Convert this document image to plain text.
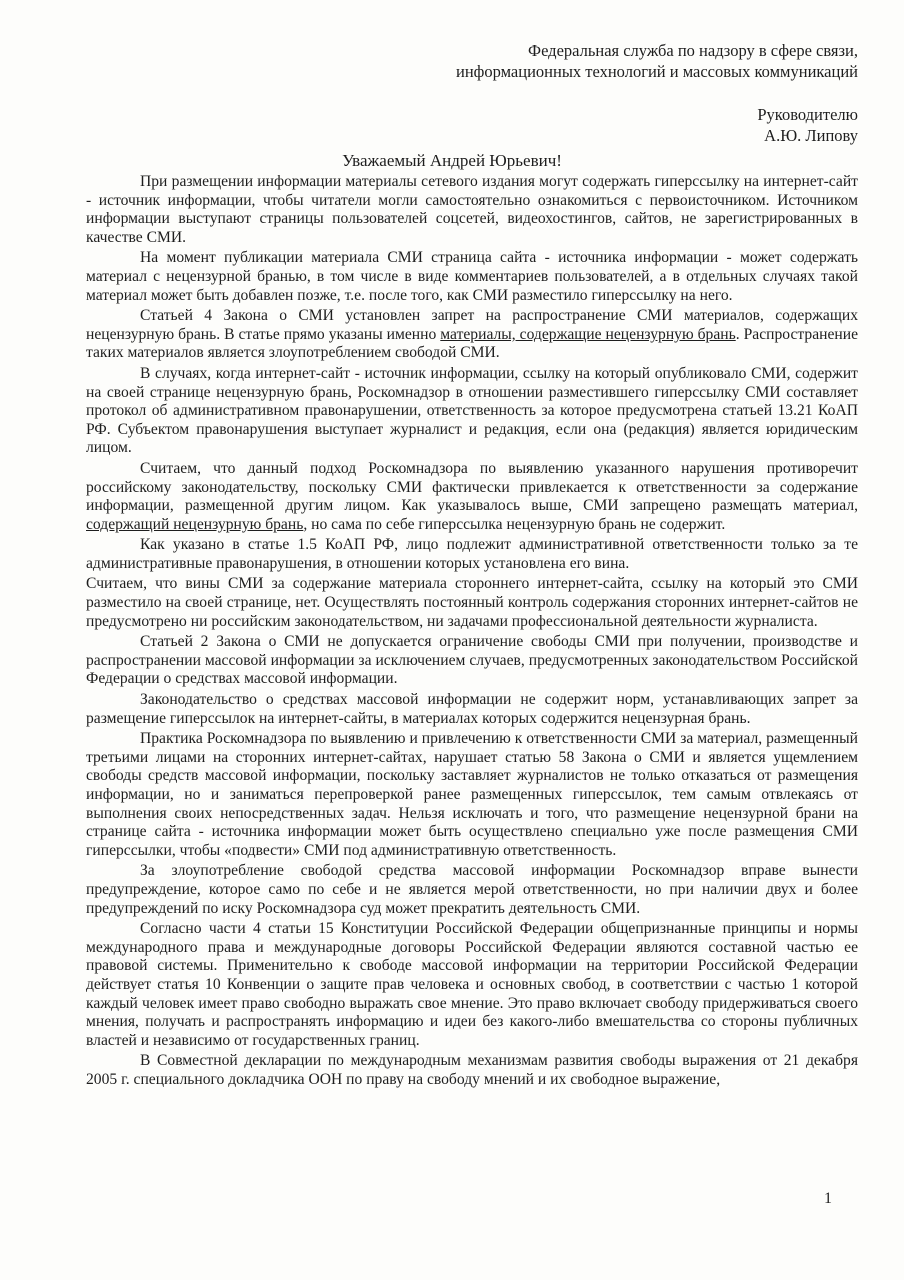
Федеральная служба по надзору в сфере связи,
информационных технологий и массовых коммуникаций
Руководителю
А.Ю. Липову
Уважаемый Андрей Юрьевич!

При размещении информации материалы сетевого издания могут содержать гиперссылку на интернет-сайт - источник информации, чтобы читатели могли самостоятельно ознакомиться с первоисточником. Источником информации выступают страницы пользователей соцсетей, видеохостингов, сайтов, не зарегистрированных в качестве СМИ.

На момент публикации материала СМИ страница сайта - источника информации - может содержать материал с нецензурной бранью, в том числе в виде комментариев пользователей, а в отдельных случаях такой материал может быть добавлен позже, т.е. после того, как СМИ разместило гиперссылку на него.

Статьей 4 Закона о СМИ установлен запрет на распространение СМИ материалов, содержащих нецензурную брань. В статье прямо указаны именно материалы, содержащие нецензурную брань. Распространение таких материалов является злоупотреблением свободой СМИ.

В случаях, когда интернет-сайт - источник информации, ссылку на который опубликовало СМИ, содержит на своей странице нецензурную брань, Роскомнадзор в отношении разместившего гиперссылку СМИ составляет протокол об административном правонарушении, ответственность за которое предусмотрена статьей 13.21 КоАП РФ. Субъектом правонарушения выступает журналист и редакция, если она (редакция) является юридическим лицом.

Считаем, что данный подход Роскомнадзора по выявлению указанного нарушения противоречит российскому законодательству, поскольку СМИ фактически привлекается к ответственности за содержание информации, размещенной другим лицом. Как указывалось выше, СМИ запрещено размещать материал, содержащий нецензурную брань, но сама по себе гиперссылка нецензурную брань не содержит.

Как указано в статье 1.5 КоАП РФ, лицо подлежит административной ответственности только за те административные правонарушения, в отношении которых установлена его вина.

Считаем, что вины СМИ за содержание материала стороннего интернет-сайта, ссылку на который это СМИ разместило на своей странице, нет. Осуществлять постоянный контроль содержания сторонних интернет-сайтов не предусмотрено ни российским законодательством, ни задачами профессиональной деятельности журналиста.

Статьей 2 Закона о СМИ не допускается ограничение свободы СМИ при получении, производстве и распространении массовой информации за исключением случаев, предусмотренных законодательством Российской Федерации о средствах массовой информации.

Законодательство о средствах массовой информации не содержит норм, устанавливающих запрет за размещение гиперссылок на интернет-сайты, в материалах которых содержится нецензурная брань.

Практика Роскомнадзора по выявлению и привлечению к ответственности СМИ за материал, размещенный третьими лицами на сторонних интернет-сайтах, нарушает статью 58 Закона о СМИ и является ущемлением свободы средств массовой информации, поскольку заставляет журналистов не только отказаться от размещения информации, но и заниматься перепроверкой ранее размещенных гиперссылок, тем самым отвлекаясь от выполнения своих непосредственных задач. Нельзя исключать и того, что размещение нецензурной брани на странице сайта - источника информации может быть осуществлено специально уже после размещения СМИ гиперссылки, чтобы «подвести» СМИ под административную ответственность.

За злоупотребление свободой средства массовой информации Роскомнадзор вправе вынести предупреждение, которое само по себе и не является мерой ответственности, но при наличии двух и более предупреждений по иску Роскомнадзора суд может прекратить деятельность СМИ.

Согласно части 4 статьи 15 Конституции Российской Федерации общепризнанные принципы и нормы международного права и международные договоры Российской Федерации являются составной частью ее правовой системы. Применительно к свободе массовой информации на территории Российской Федерации действует статья 10 Конвенции о защите прав человека и основных свобод, в соответствии с частью 1 которой каждый человек имеет право свободно выражать свое мнение. Это право включает свободу придерживаться своего мнения, получать и распространять информацию и идеи без какого-либо вмешательства со стороны публичных властей и независимо от государственных границ.

В Совместной декларации по международным механизмам развития свободы выражения от 21 декабря 2005 г. специального докладчика ООН по праву на свободу мнений и их свободное выражение,

1
